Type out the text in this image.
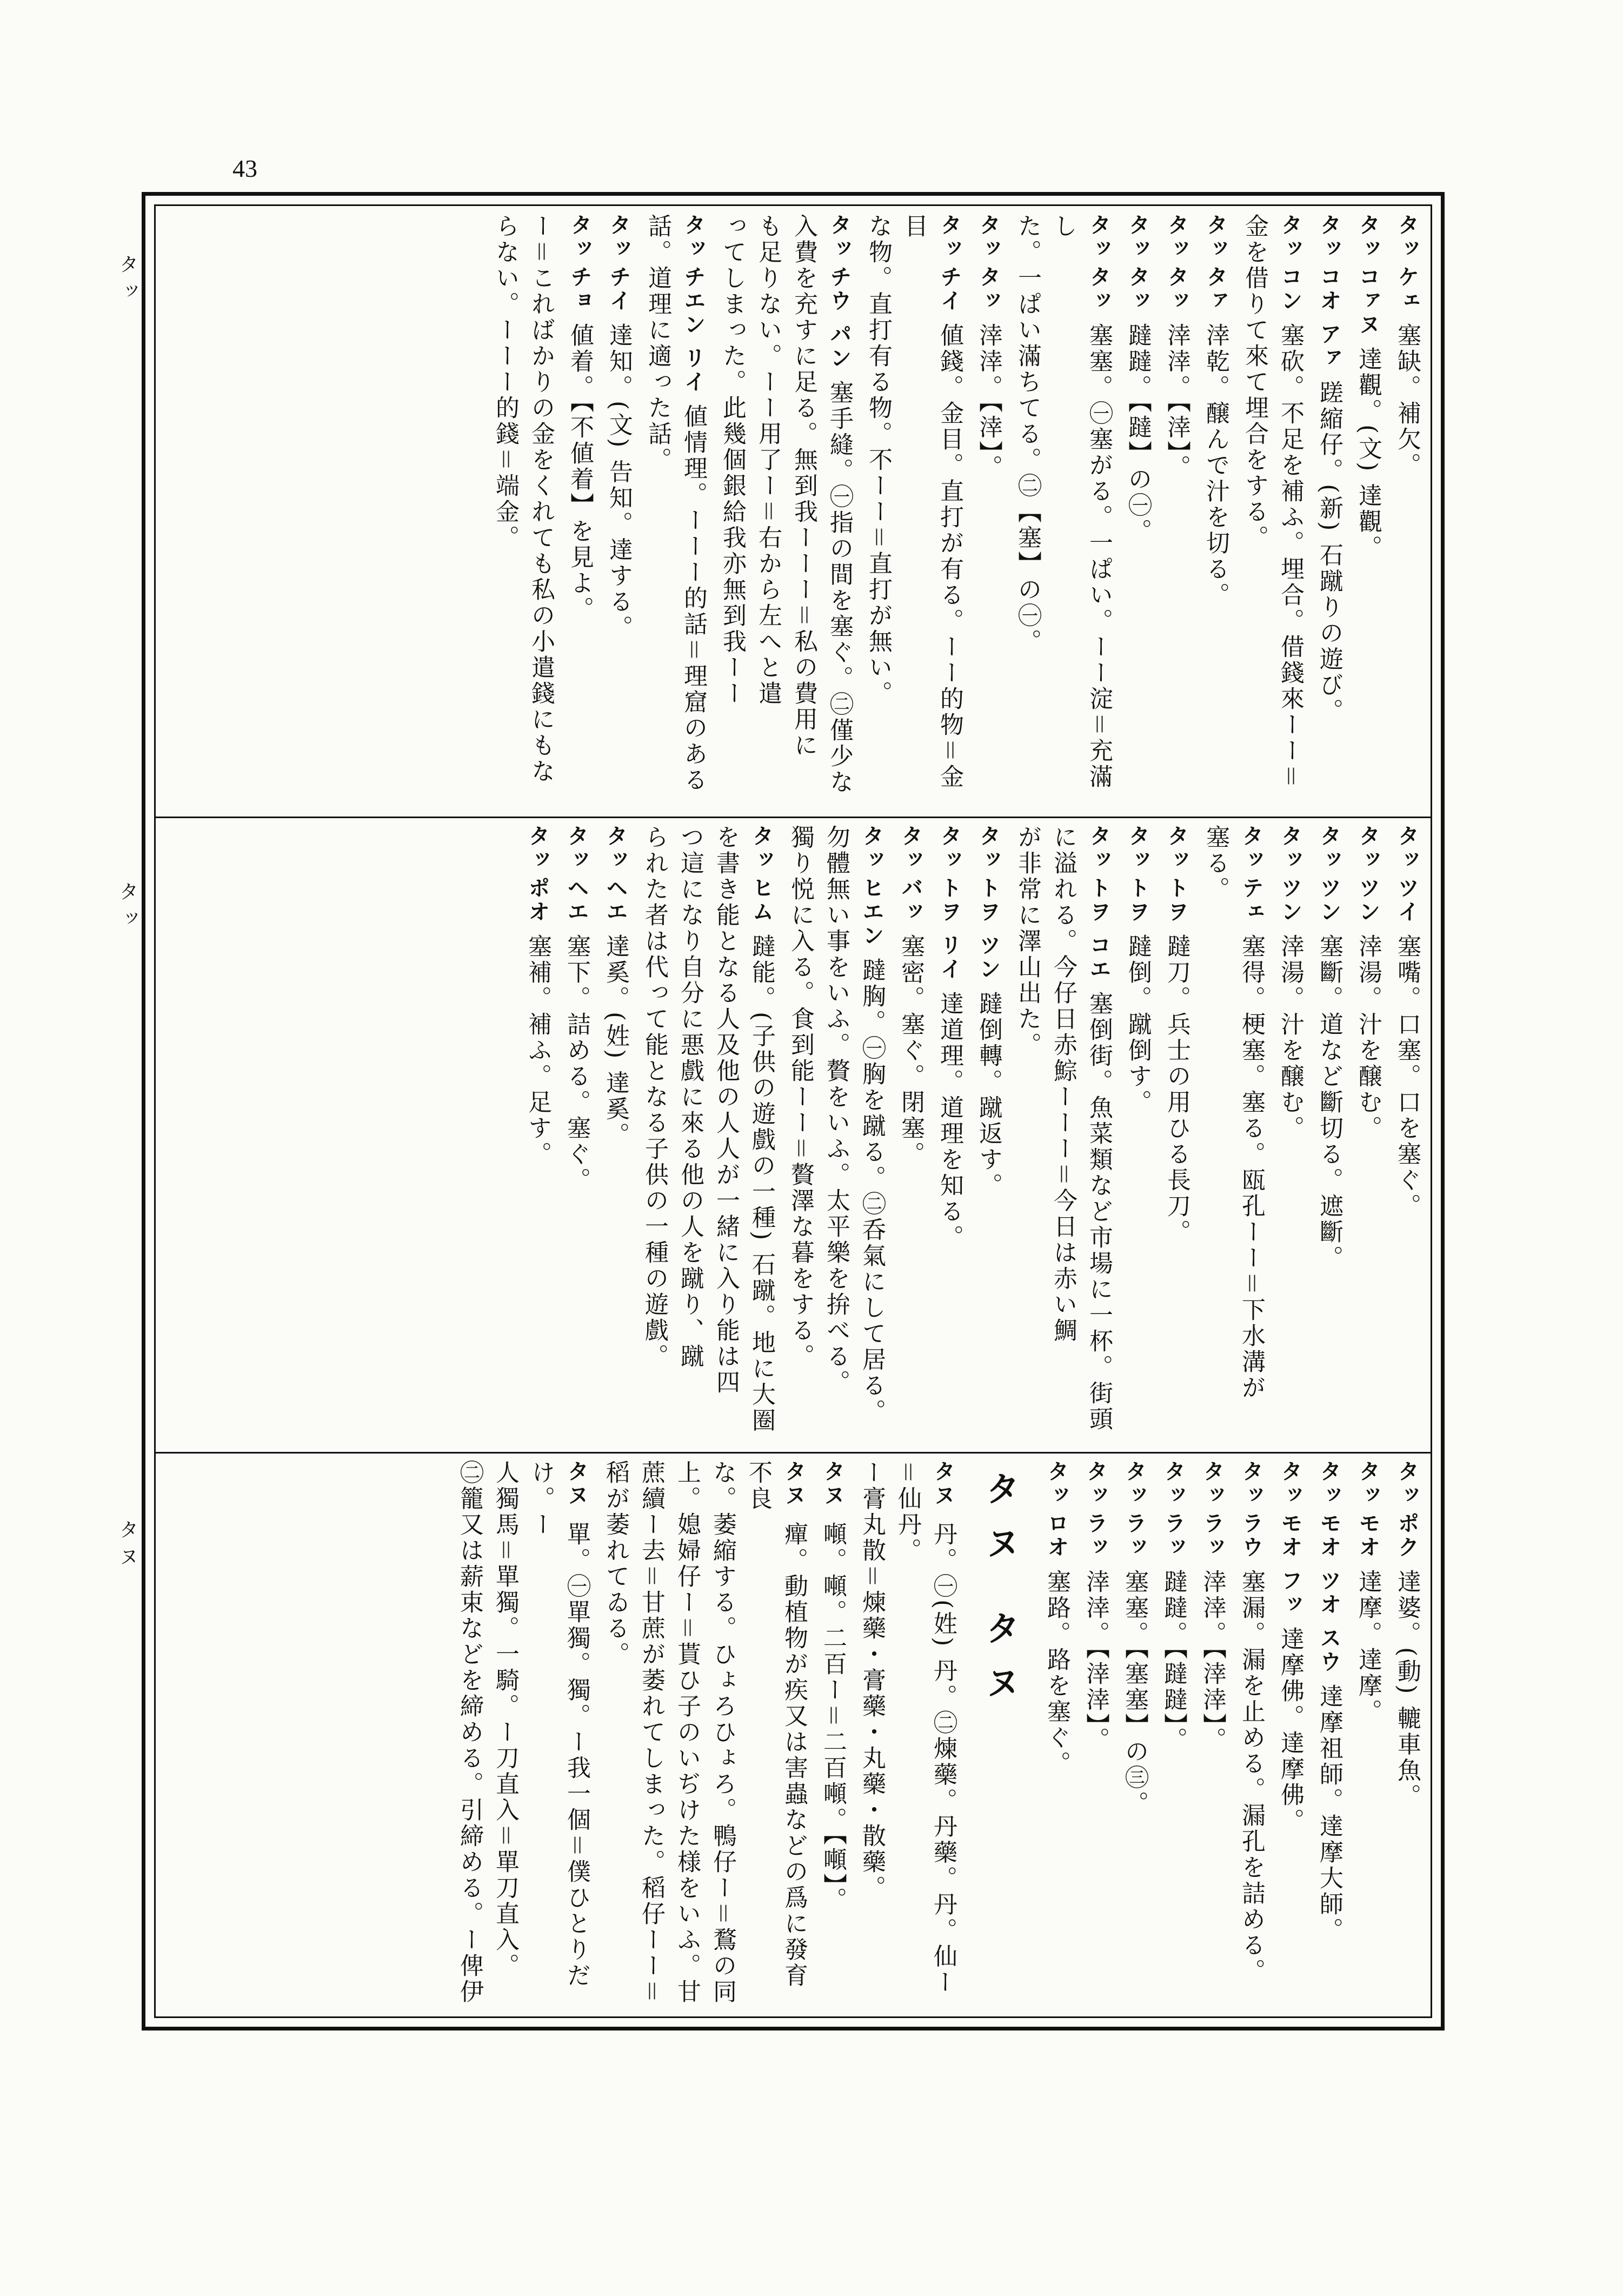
43
タッ
タッ
タヌ
タッケェ 塞缺。補欠。
タッコァヌ 達觀。(文) 達觀。
タッコオ アァ 蹉縮仔。(新) 石蹴りの遊び。
タッコン 塞砍。不足を補ふ。埋合。借錢來ーー＝
金を借りて來て埋合をする。
タッタァ 涬乾。醸んで汁を切る。
タッタッ 涬涬。【涬】。
タッタッ 躂躂。【躂】の㊀。
タッタッ 塞塞。㊀塞がる。一ぱい。ーー淀＝充滿し
た。一ぱい滿ちてる。㊁【塞】の㊀。
タッタッ 涬涬。【涬】。
タッチイ 値錢。金目。直打が有る。ーー的物＝金目
な物。直打有る物。不ーー＝直打が無い。
タッチウ パン 塞手縫。㊀指の間を塞ぐ。㊁僅少な
入費を充すに足る。無到我ーーー＝私の費用に
も足りない。ーー用了ー＝右から左へと遣
ってしまった。此幾個銀給我亦無到我ーー
タッチエン リイ 値情理。ーーー的話＝理窟のある
話。道理に適った話。
タッチイ 達知。(文) 告知。達する。
タッチョ 値着。【不値着】を見よ。
ー＝こればかりの金をくれても私の小遣錢にもな
らない。ーーー的錢＝端金。
タッツイ 塞嘴。口塞。口を塞ぐ。
タッツン 涬湯。汁を醸む。
タッツン 塞斷。道など斷切る。遮斷。
タッツン 涬湯。汁を醸む。
タッテェ 塞得。梗塞。塞る。瓯孔ーー＝下水溝が
塞る。
タットヲ 躂刀。兵士の用ひる長刀。
タットヲ 躂倒。蹴倒す。
タットヲ コエ 塞倒街。魚菜類など市場に一杯。街頭
に溢れる。今仔日赤鯮ーーー＝今日は赤い鯛
が非常に澤山出た。
タットヲ ツン 躂倒轉。蹴返す。
タットヲ リイ 達道理。道理を知る。
タッバッ 塞密。塞ぐ。閉塞。
タッヒエン 躂胸。㊀胸を蹴る。㊁呑氣にして居る。
勿體無い事をいふ。贅をいふ。太平樂を拚べる。
獨り悦に入る。食到能ーー＝贅澤な暮をする。
タッヒム 躂能。(子供の遊戲の一種) 石蹴。地に大圈
を書き能となる人及他の人人が一緒に入り能は四
つ這になり自分に悪戲に來る他の人を蹴り、蹴
られた者は代って能となる子供の一種の遊戲。
タッヘエ 達奚。(姓) 達奚。
タッヘエ 塞下。詰める。塞ぐ。
タッポオ 塞補。補ふ。足す。
タッポク 達婆。(動) 轆車魚。
タッモオ 達摩。達摩。
タッモオ ツオ スウ 達摩祖師。達摩大師。
タッモオ フッ 達摩佛。達摩佛。
タッラウ 塞漏。漏を止める。漏孔を詰める。
タッラッ 涬涬。【涬涬】。
タッラッ 躂躂。【躂躂】。
タッラッ 塞塞。【塞塞】の㊂。
タッラッ 涬涬。【涬涬】。
タッロオ 塞路。路を塞ぐ。
タヌ タヌ
タヌ 丹。㊀(姓) 丹。㊁煉藥。丹藥。丹。仙ー＝仙丹。
ー膏丸散＝煉藥・膏藥・丸藥・散藥。
タヌ 噸。噸。二百ー＝二百噸。【噸】。
タヌ 癉。動植物が疾又は害蟲などの爲に發育不良
な。萎縮する。ひょろひょろ。鴨仔ー＝鶩の同
上。媳婦仔ー＝貰ひ子のいぢけた様をいふ。甘
蔗續ー去＝甘蔗が萎れてしまった。稻仔ーー＝
稻が萎れてゐる。
タヌ 單。㊀單獨。獨。ー我一個＝僕ひとりだけ。ー
人獨馬＝單獨。一騎。ー刀直入＝單刀直入。
㊁籠又は薪束などを締める。引締める。ー俾伊
